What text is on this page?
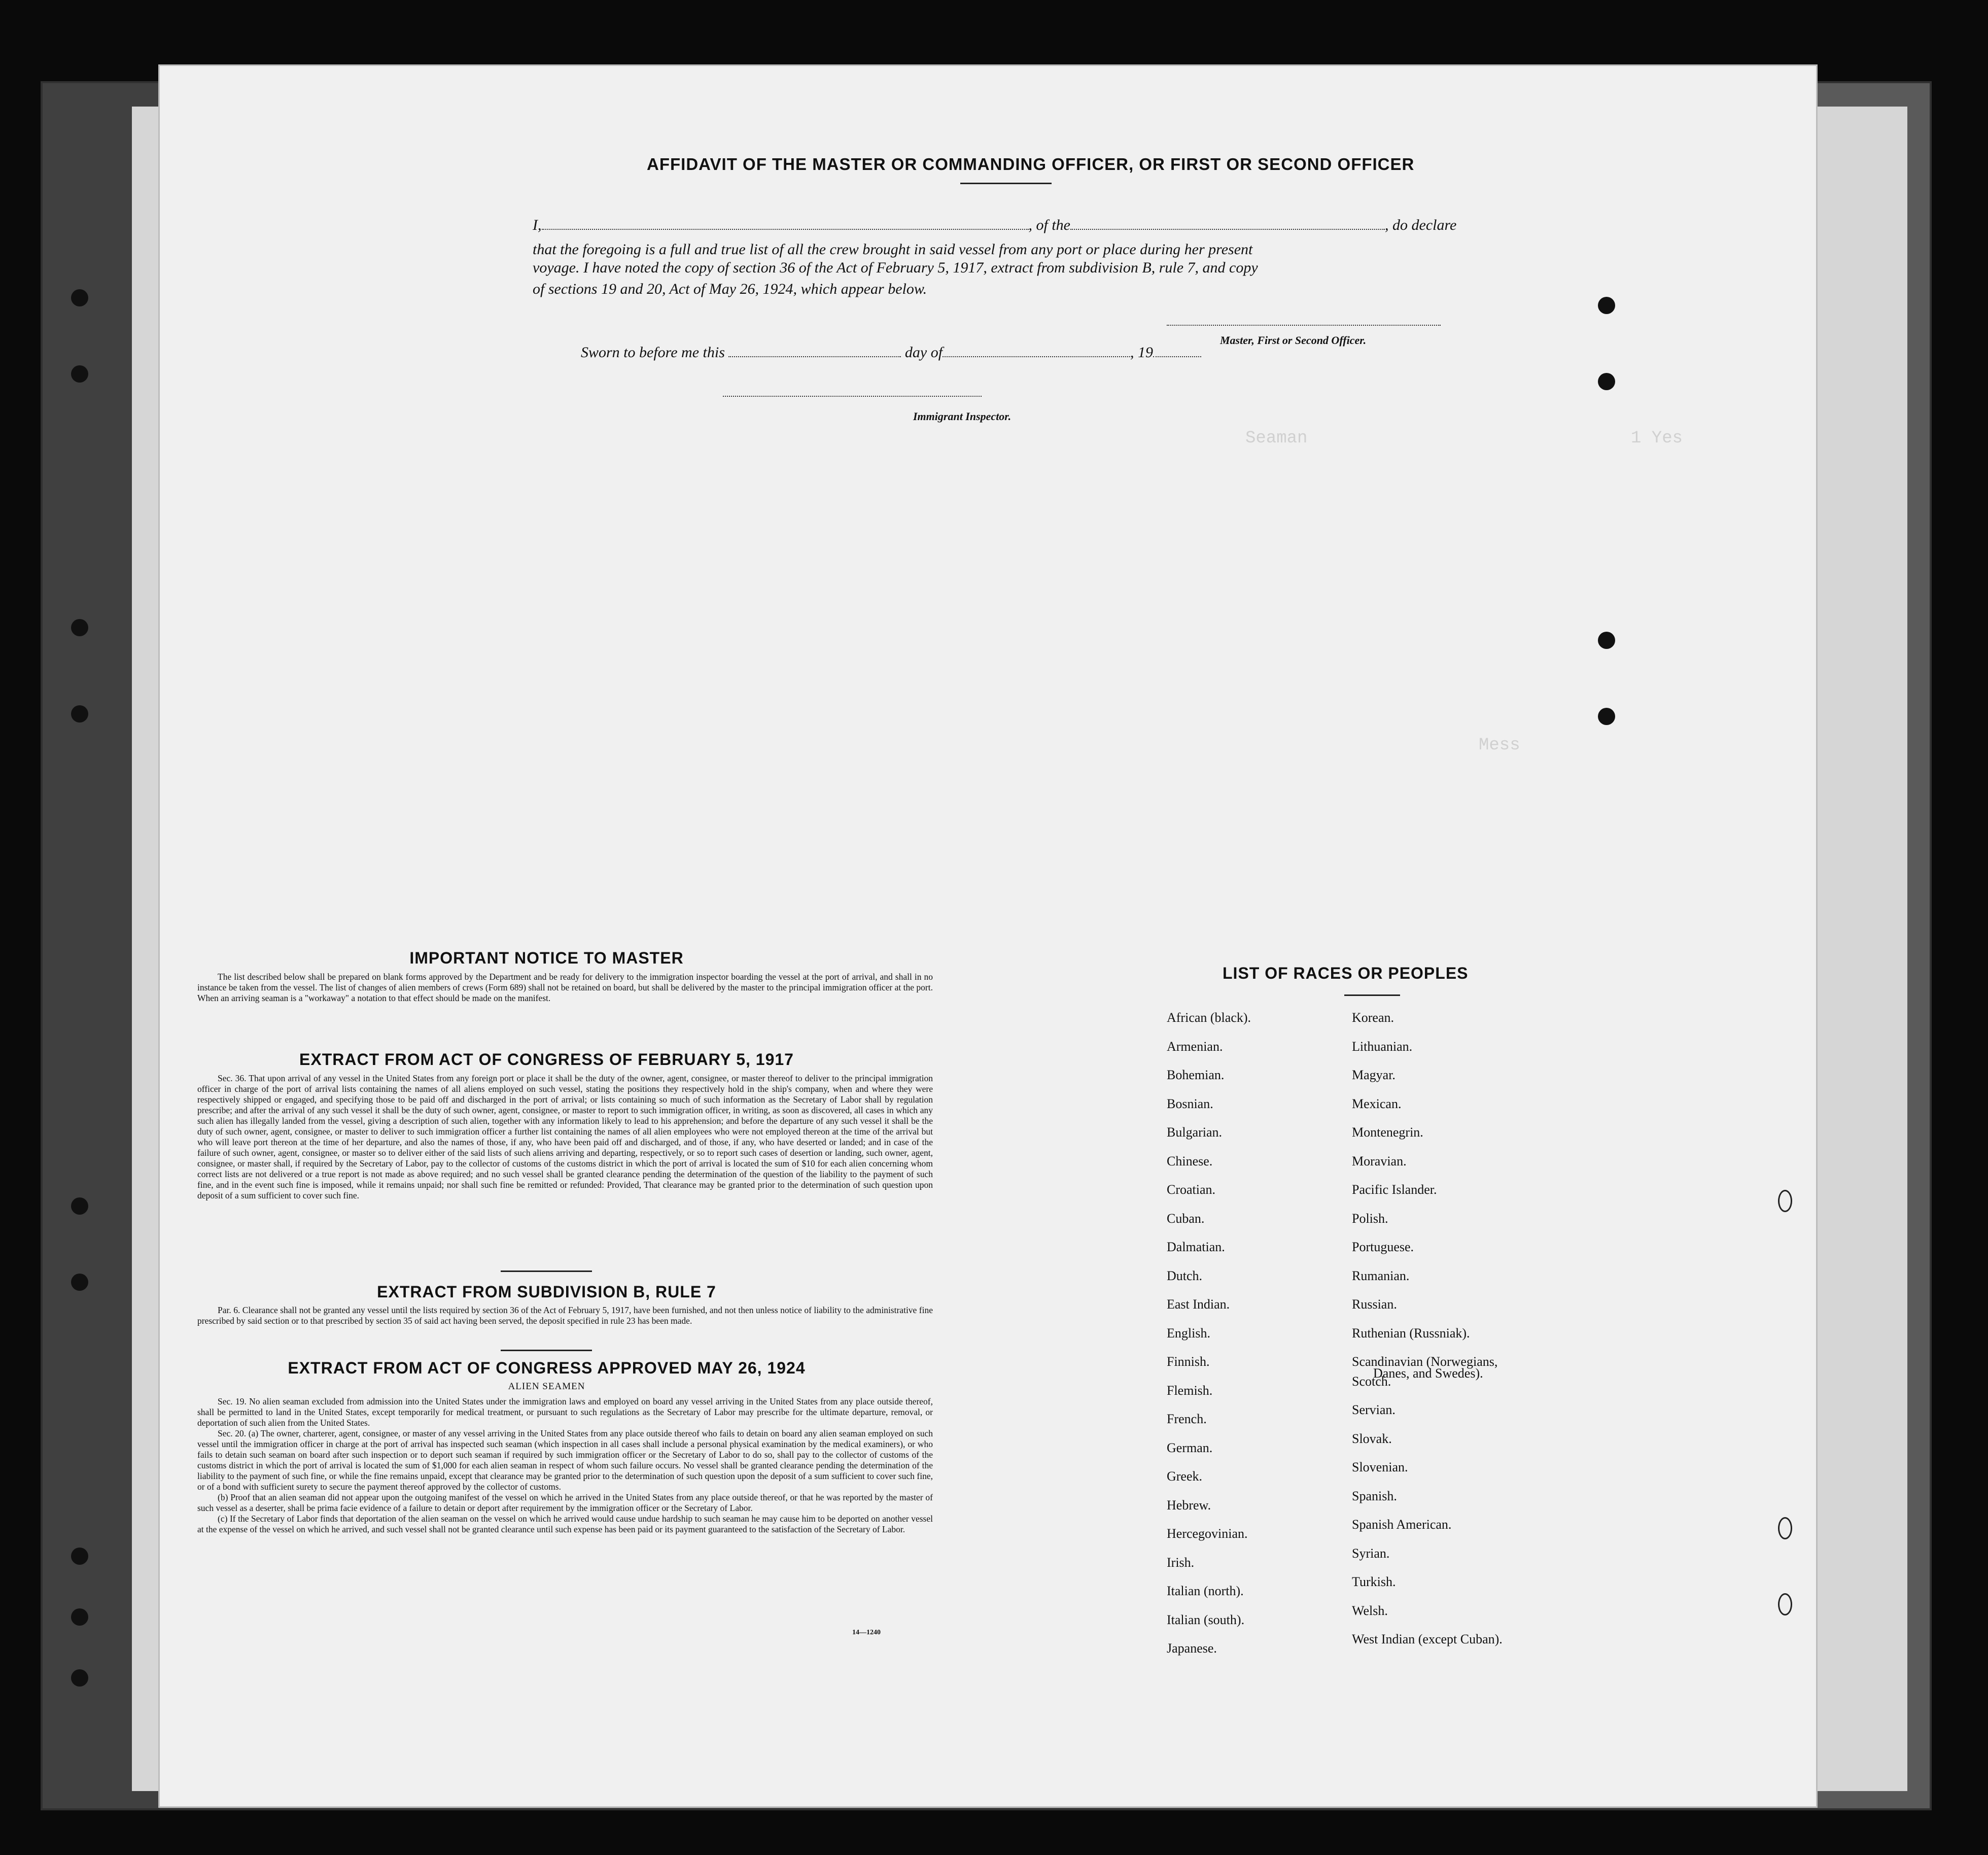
1 Yes
Seaman
Mess
AFFIDAVIT OF THE MASTER OR COMMANDING OFFICER, OR FIRST OR SECOND OFFICER
I,	, of the	, do declare
that the foregoing is a full and true list of all the crew brought in said vessel from any port or place during her present
voyage. I have noted the copy of section 36 of the Act of February 5, 1917, extract from subdivision B, rule 7, and copy
of sections 19 and 20, Act of May 26, 1924, which appear below.
Master, First or Second Officer.
Sworn to before me this	day of	, 19
Immigrant Inspector.
IMPORTANT NOTICE TO MASTER
The list described below shall be prepared on blank forms approved by the Department and be ready for delivery to the immigration inspector boarding the vessel at the port of arrival, and shall in no instance be taken from the vessel. The list of changes of alien members of crews (Form 689) shall not be retained on board, but shall be delivered by the master to the principal immigration officer at the port. When an arriving seaman is a "workaway" a notation to that effect should be made on the manifest.
EXTRACT FROM ACT OF CONGRESS OF FEBRUARY 5, 1917
Sec. 36. That upon arrival of any vessel in the United States from any foreign port or place it shall be the duty of the owner, agent, consignee, or master thereof to deliver to the principal immigration officer in charge of the port of arrival lists containing the names of all aliens employed on such vessel, stating the positions they respectively hold in the ship's company, when and where they were respectively shipped or engaged, and specifying those to be paid off and discharged in the port of arrival; or lists containing so much of such information as the Secretary of Labor shall by regulation prescribe; and after the arrival of any such vessel it shall be the duty of such owner, agent, consignee, or master to report to such immigration officer, in writing, as soon as discovered, all cases in which any such alien has illegally landed from the vessel, giving a description of such alien, together with any information likely to lead to his apprehension; and before the departure of any such vessel it shall be the duty of such owner, agent, consignee, or master to deliver to such immigration officer a further list containing the names of all alien employees who were not employed thereon at the time of the arrival but who will leave port thereon at the time of her departure, and also the names of those, if any, who have been paid off and discharged, and of those, if any, who have deserted or landed; and in case of the failure of such owner, agent, consignee, or master so to deliver either of the said lists of such aliens arriving and departing, respectively, or so to report such cases of desertion or landing, such owner, agent, consignee, or master shall, if required by the Secretary of Labor, pay to the collector of customs of the customs district in which the port of arrival is located the sum of $10 for each alien concerning whom correct lists are not delivered or a true report is not made as above required; and no such vessel shall be granted clearance pending the determination of the question of the liability to the payment of such fine, and in the event such fine is imposed, while it remains unpaid; nor shall such fine be remitted or refunded: Provided, That clearance may be granted prior to the determination of such question upon deposit of a sum sufficient to cover such fine.
EXTRACT FROM SUBDIVISION B, RULE 7
Par. 6. Clearance shall not be granted any vessel until the lists required by section 36 of the Act of February 5, 1917, have been furnished, and not then unless notice of liability to the administrative fine prescribed by said section or to that prescribed by section 35 of said act having been served, the deposit specified in rule 23 has been made.
EXTRACT FROM ACT OF CONGRESS APPROVED MAY 26, 1924
ALIEN SEAMEN
Sec. 19. No alien seaman excluded from admission into the United States under the immigration laws and employed on board any vessel arriving in the United States from any place outside thereof, shall be permitted to land in the United States, except temporarily for medical treatment, or pursuant to such regulations as the Secretary of Labor may prescribe for the ultimate departure, removal, or deportation of such alien from the United States.
Sec. 20. (a) The owner, charterer, agent, consignee, or master of any vessel arriving in the United States from any place outside thereof who fails to detain on board any alien seaman employed on such vessel until the immigration officer in charge at the port of arrival has inspected such seaman (which inspection in all cases shall include a personal physical examination by the medical examiners), or who fails to detain such seaman on board after such inspection or to deport such seaman if required by such immigration officer or the Secretary of Labor to do so, shall pay to the collector of customs of the customs district in which the port of arrival is located the sum of $1,000 for each alien seaman in respect of whom such failure occurs. No vessel shall be granted clearance pending the determination of the liability to the payment of such fine, or while the fine remains unpaid, except that clearance may be granted prior to the determination of such question upon the deposit of a sum sufficient to cover such fine, or of a bond with sufficient surety to secure the payment thereof approved by the collector of customs.
(b) Proof that an alien seaman did not appear upon the outgoing manifest of the vessel on which he arrived in the United States from any place outside thereof, or that he was reported by the master of such vessel as a deserter, shall be prima facie evidence of a failure to detain or deport after requirement by the immigration officer or the Secretary of Labor.
(c) If the Secretary of Labor finds that deportation of the alien seaman on the vessel on which he arrived would cause undue hardship to such seaman he may cause him to be deported on another vessel at the expense of the vessel on which he arrived, and such vessel shall not be granted clearance until such expense has been paid or its payment guaranteed to the satisfaction of the Secretary of Labor.
14—1240
LIST OF RACES OR PEOPLES
African (black).
Armenian.
Bohemian.
Bosnian.
Bulgarian.
Chinese.
Croatian.
Cuban.
Dalmatian.
Dutch.
East Indian.
English.
Finnish.
Flemish.
French.
German.
Greek.
Hebrew.
Hercegovinian.
Irish.
Italian (north).
Italian (south).
Japanese.
Korean.
Lithuanian.
Magyar.
Mexican.
Montenegrin.
Moravian.
Pacific Islander.
Polish.
Portuguese.
Rumanian.
Russian.
Ruthenian (Russniak).
Scandinavian (Norwegians,
Danes, and Swedes).
Scotch.
Servian.
Slovak.
Slovenian.
Spanish.
Spanish American.
Syrian.
Turkish.
Welsh.
West Indian (except Cuban).
